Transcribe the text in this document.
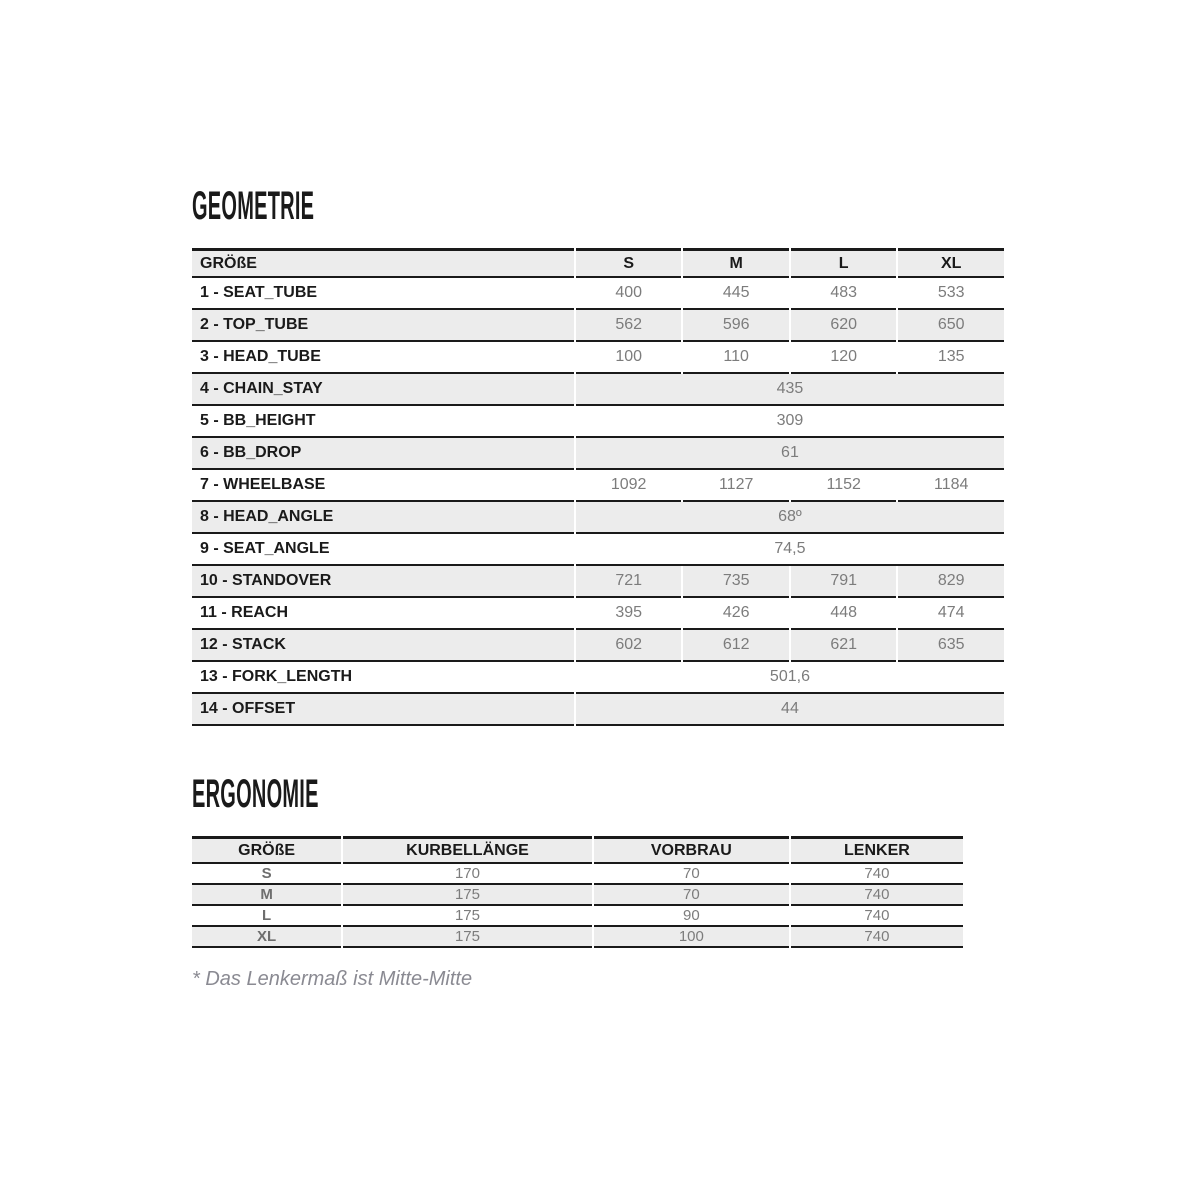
GEOMETRIE
GRÖßE	S	M	L	XL
1 - SEAT_TUBE	400	445	483	533
2 - TOP_TUBE	562	596	620	650
3 - HEAD_TUBE	100	110	120	135
4 - CHAIN_STAY	435			
5 - BB_HEIGHT	309			
6 - BB_DROP	61			
7 - WHEELBASE	1092	1127	1152	1184
8 - HEAD_ANGLE	68º			
9 - SEAT_ANGLE	74,5			
10 - STANDOVER	721	735	791	829
11 - REACH	395	426	448	474
12 - STACK	602	612	621	635
13 - FORK_LENGTH	501,6			
14 - OFFSET	44			
ERGONOMIE
GRÖßE	KURBELLÄNGE	VORBRAU	LENKER
S	170	70	740
M	175	70	740
L	175	90	740
XL	175	100	740

* Das Lenkermaß ist Mitte-Mitte
